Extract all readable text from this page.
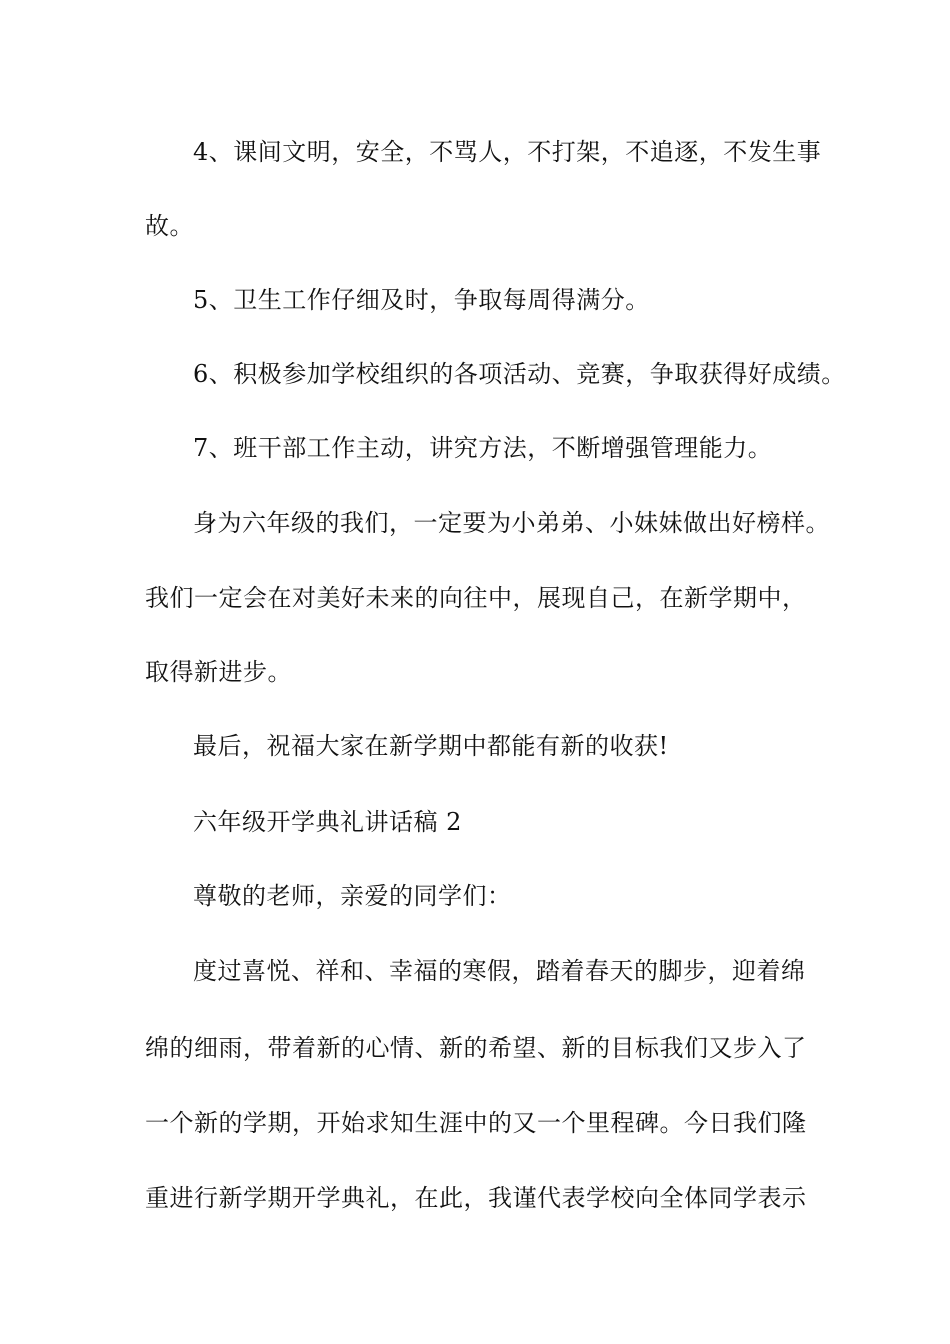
4、课间文明，安全，不骂人，不打架，不追逐，不发生事
故。
5、卫生工作仔细及时，争取每周得满分。
6、积极参加学校组织的各项活动、竞赛，争取获得好成绩。
7、班干部工作主动，讲究方法，不断增强管理能力。
身为六年级的我们，一定要为小弟弟、小妹妹做出好榜样。
我们一定会在对美好未来的向往中，展现自己，在新学期中，
取得新进步。
最后，祝福大家在新学期中都能有新的收获!
六年级开学典礼讲话稿 2
尊敬的老师，亲爱的同学们：
度过喜悦、祥和、幸福的寒假，踏着春天的脚步，迎着绵
绵的细雨，带着新的心情、新的希望、新的目标我们又步入了
一个新的学期，开始求知生涯中的又一个里程碑。今日我们隆
重进行新学期开学典礼，在此，我谨代表学校向全体同学表示
